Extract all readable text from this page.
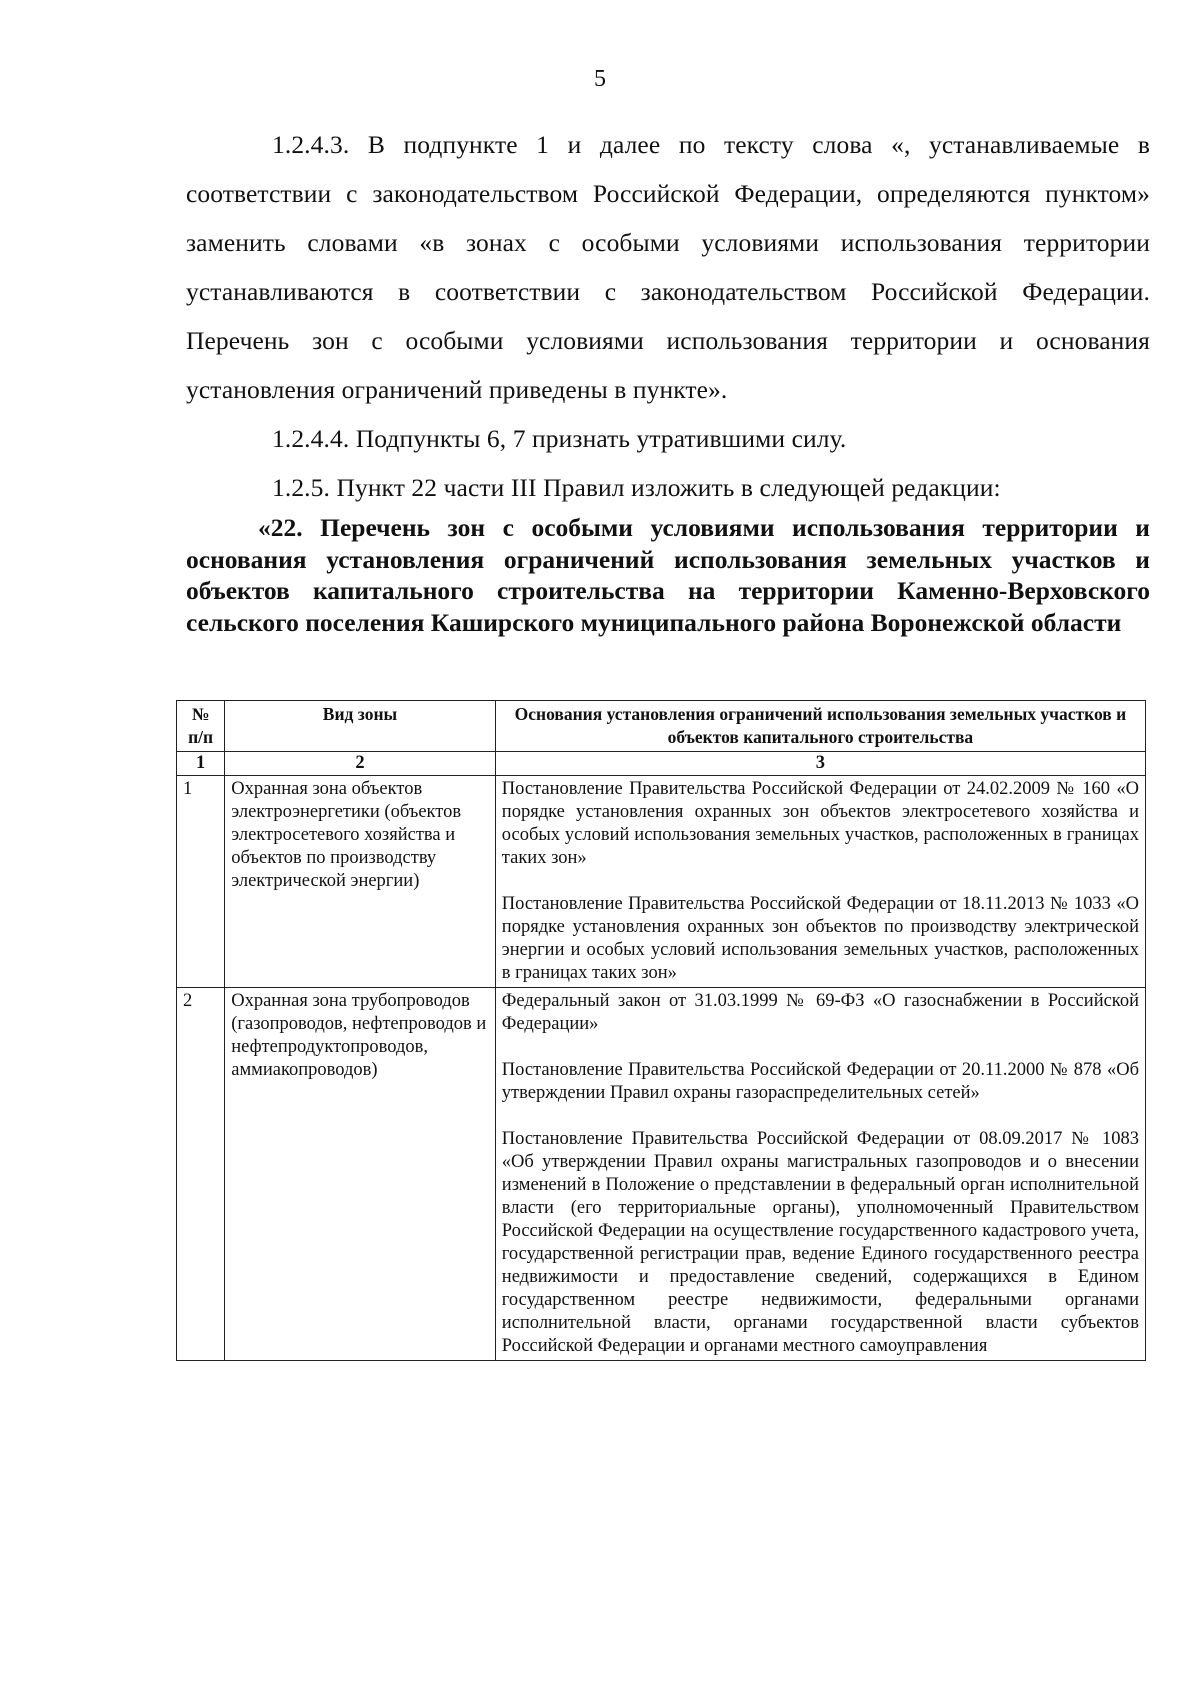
5

1.2.4.3. В подпункте 1 и далее по тексту слова «, устанавливаемые в соответствии с законодательством Российской Федерации, определяются пунктом» заменить словами «в зонах с особыми условиями использования территории устанавливаются в соответствии с законодательством Российской Федерации. Перечень зон с особыми условиями использования территории и основания установления ограничений приведены в пункте».

1.2.4.4. Подпункты 6, 7 признать утратившими силу.

1.2.5. Пункт 22 части III Правил изложить в следующей редакции:

«22. Перечень зон с особыми условиями использования территории и основания установления ограничений использования земельных участков и объектов капитального строительства на территории Каменно-Верховского сельского поселения Каширского муниципального района Воронежской области

№ п/п	Вид зоны	Основания установления ограничений использования земельных участков и объектов капитального строительства
1	2	3
1	Охранная зона объектов электроэнергетики (объектов электросетевого хозяйства и объектов по производству электрической энергии)	Постановление Правительства Российской Федерации от 24.02.2009 № 160 «О порядке установления охранных зон объектов электросетевого хозяйства и особых условий использования земельных участков, расположенных в границах таких зон»

Постановление Правительства Российской Федерации от 18.11.2013 № 1033 «О порядке установления охранных зон объектов по производству электрической энергии и особых условий использования земельных участков, расположенных в границах таких зон»

2	Охранная зона трубопроводов (газопроводов, нефтепроводов и нефтепродуктопроводов, аммиакопроводов)	Федеральный закон от 31.03.1999 № 69-ФЗ «О газоснабжении в Российской Федерации»

Постановление Правительства Российской Федерации от 20.11.2000 № 878 «Об утверждении Правил охраны газораспределительных сетей»

Постановление Правительства Российской Федерации от 08.09.2017 № 1083 «Об утверждении Правил охраны магистральных газопроводов и о внесении изменений в Положение о представлении в федеральный орган исполнительной власти (его территориальные органы), уполномоченный Правительством Российской Федерации на осуществление государственного кадастрового учета, государственной регистрации прав, ведение Единого государственного реестра недвижимости и предоставление сведений, содержащихся в Едином государственном реестре недвижимости, федеральными органами исполнительной власти, органами государственной власти субъектов Российской Федерации и органами местного самоуправления
